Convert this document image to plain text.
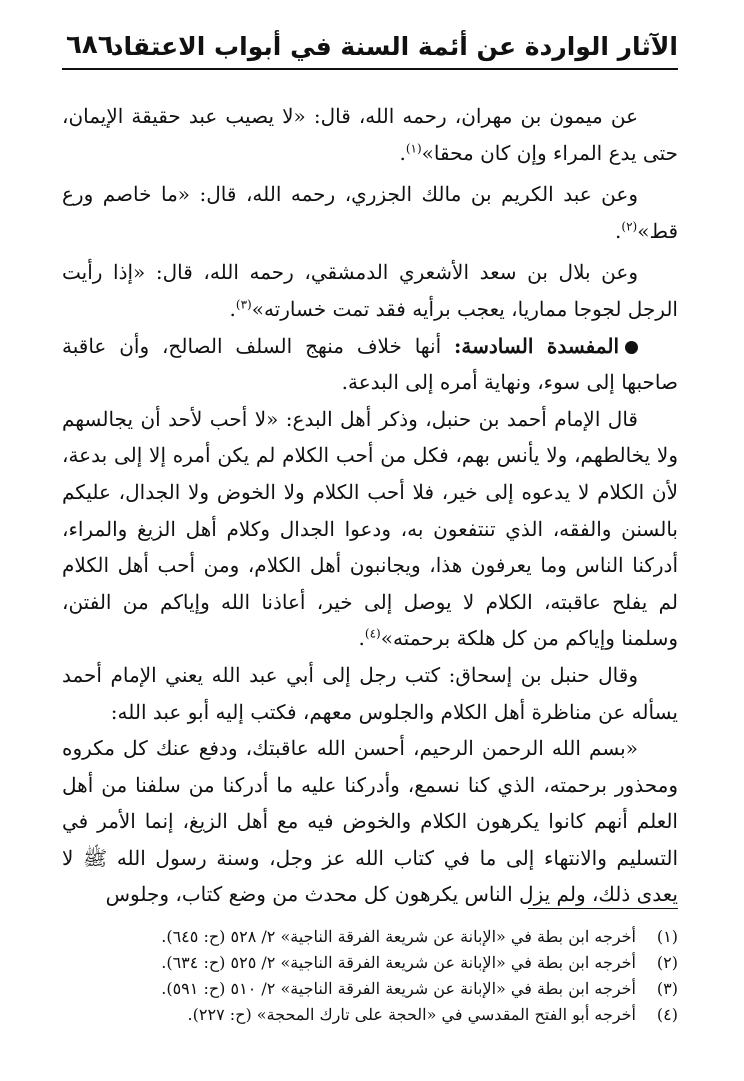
الآثار الواردة عن أئمة السنة في أبواب الاعتقاد
٦٨٦

عن ميمون بن مهران، رحمه الله، قال: «لا يصيب عبد حقيقة الإيمان، حتى يدع المراء وإن كان محقا»$^{(١)}$.

وعن عبد الكريم بن مالك الجزري، رحمه الله، قال: «ما خاصم ورع قط»$^{(٢)}$.

وعن بلال بن سعد الأشعري الدمشقي، رحمه الله، قال: «إذا رأيت الرجل لجوجا مماريا، يعجب برأيه فقد تمت خسارته»$^{(٣)}$.

المفسدة السادسة: أنها خلاف منهج السلف الصالح، وأن عاقبة صاحبها إلى سوء، ونهاية أمره إلى البدعة.

قال الإمام أحمد بن حنبل، وذكر أهل البدع: «لا أحب لأحد أن يجالسهم ولا يخالطهم، ولا يأنس بهم، فكل من أحب الكلام لم يكن أمره إلا إلى بدعة، لأن الكلام لا يدعوه إلى خير، فلا أحب الكلام ولا الخوض ولا الجدال، عليكم بالسنن والفقه، الذي تنتفعون به، ودعوا الجدال وكلام أهل الزيغ والمراء، أدركنا الناس وما يعرفون هذا، ويجانبون أهل الكلام، ومن أحب أهل الكلام لم يفلح عاقبته، الكلام لا يوصل إلى خير، أعاذنا الله وإياكم من الفتن، وسلمنا وإياكم من كل هلكة برحمته»$^{(٤)}$.

وقال حنبل بن إسحاق: كتب رجل إلى أبي عبد الله يعني الإمام أحمد يسأله عن مناظرة أهل الكلام والجلوس معهم، فكتب إليه أبو عبد الله:

«بسم الله الرحمن الرحيم، أحسن الله عاقبتك، ودفع عنك كل مكروه ومحذور برحمته، الذي كنا نسمع، وأدركنا عليه ما أدركنا من سلفنا من أهل العلم أنهم كانوا يكرهون الكلام والخوض فيه مع أهل الزيغ، إنما الأمر في التسليم والانتهاء إلى ما في كتاب الله عز وجل، وسنة رسول الله ﷺ لا يعدى ذلك، ولم يزل الناس يكرهون كل محدث من وضع كتاب، وجلوس

(١)أخرجه ابن بطة في «الإبانة عن شريعة الفرقة الناجية» ٢/ ٥٢٨ (ح: ٦٤٥).
(٢)أخرجه ابن بطة في «الإبانة عن شريعة الفرقة الناجية» ٢/ ٥٢٥ (ح: ٦٣٤).
(٣)أخرجه ابن بطة في «الإبانة عن شريعة الفرقة الناجية» ٢/ ٥١٠ (ح: ٥٩١).
(٤)أخرجه أبو الفتح المقدسي في «الحجة على تارك المحجة» (ح: ٢٢٧).
